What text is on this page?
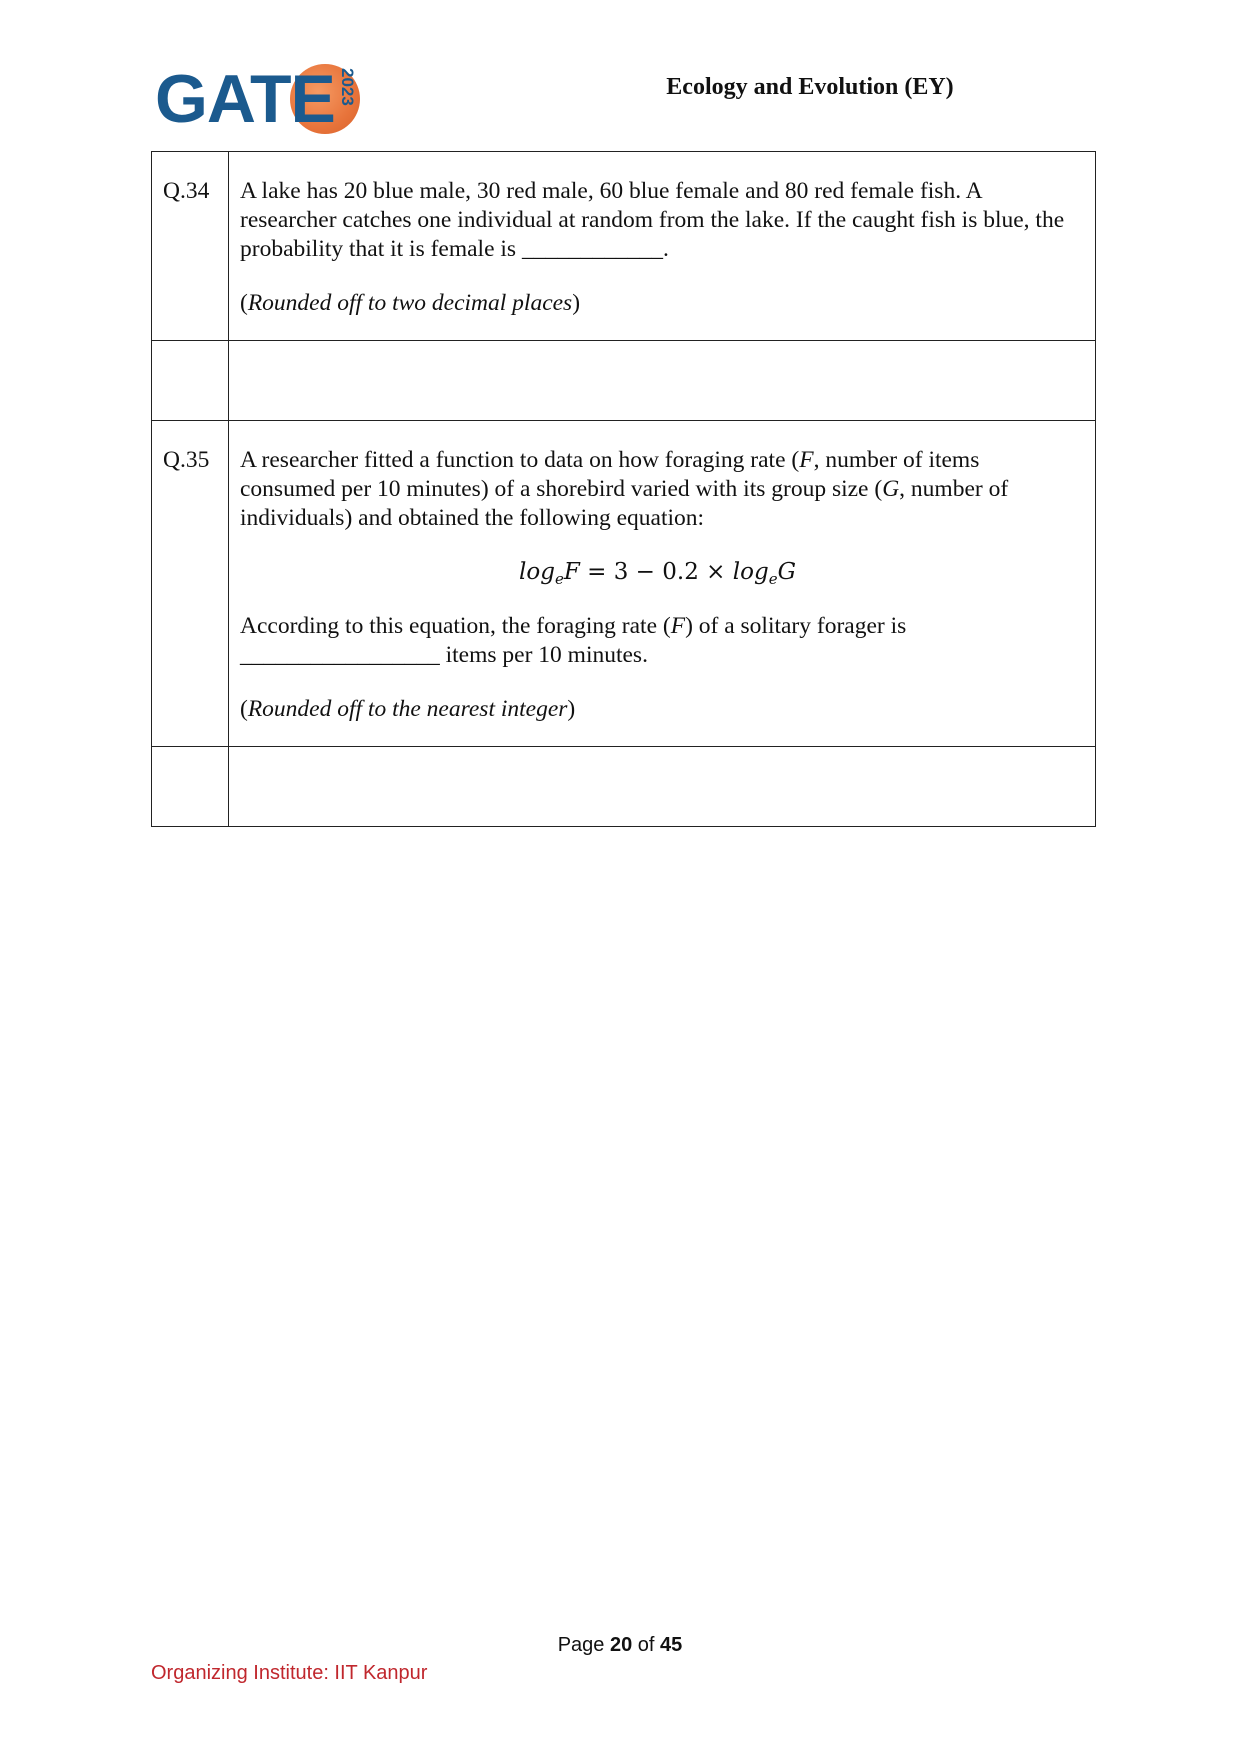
GATE 2023	Ecology and Evolution (EY)
Q.34	A lake has 20 blue male, 30 red male, 60 blue female and 80 red female fish. A researcher catches one individual at random from the lake. If the caught fish is blue, the probability that it is female is ____________.

(Rounded off to two decimal places)

Q.35	A researcher fitted a function to data on how foraging rate (F, number of items consumed per 10 minutes) of a shorebird varied with its group size (G, number of individuals) and obtained the following equation:

$\log_eF = 3 - 0.2 \times \log_eG$

According to this equation, the foraging rate (F) of a solitary forager is _________________ items per 10 minutes.

(Rounded off to the nearest integer)

Page 20 of 45
Organizing Institute: IIT Kanpur
